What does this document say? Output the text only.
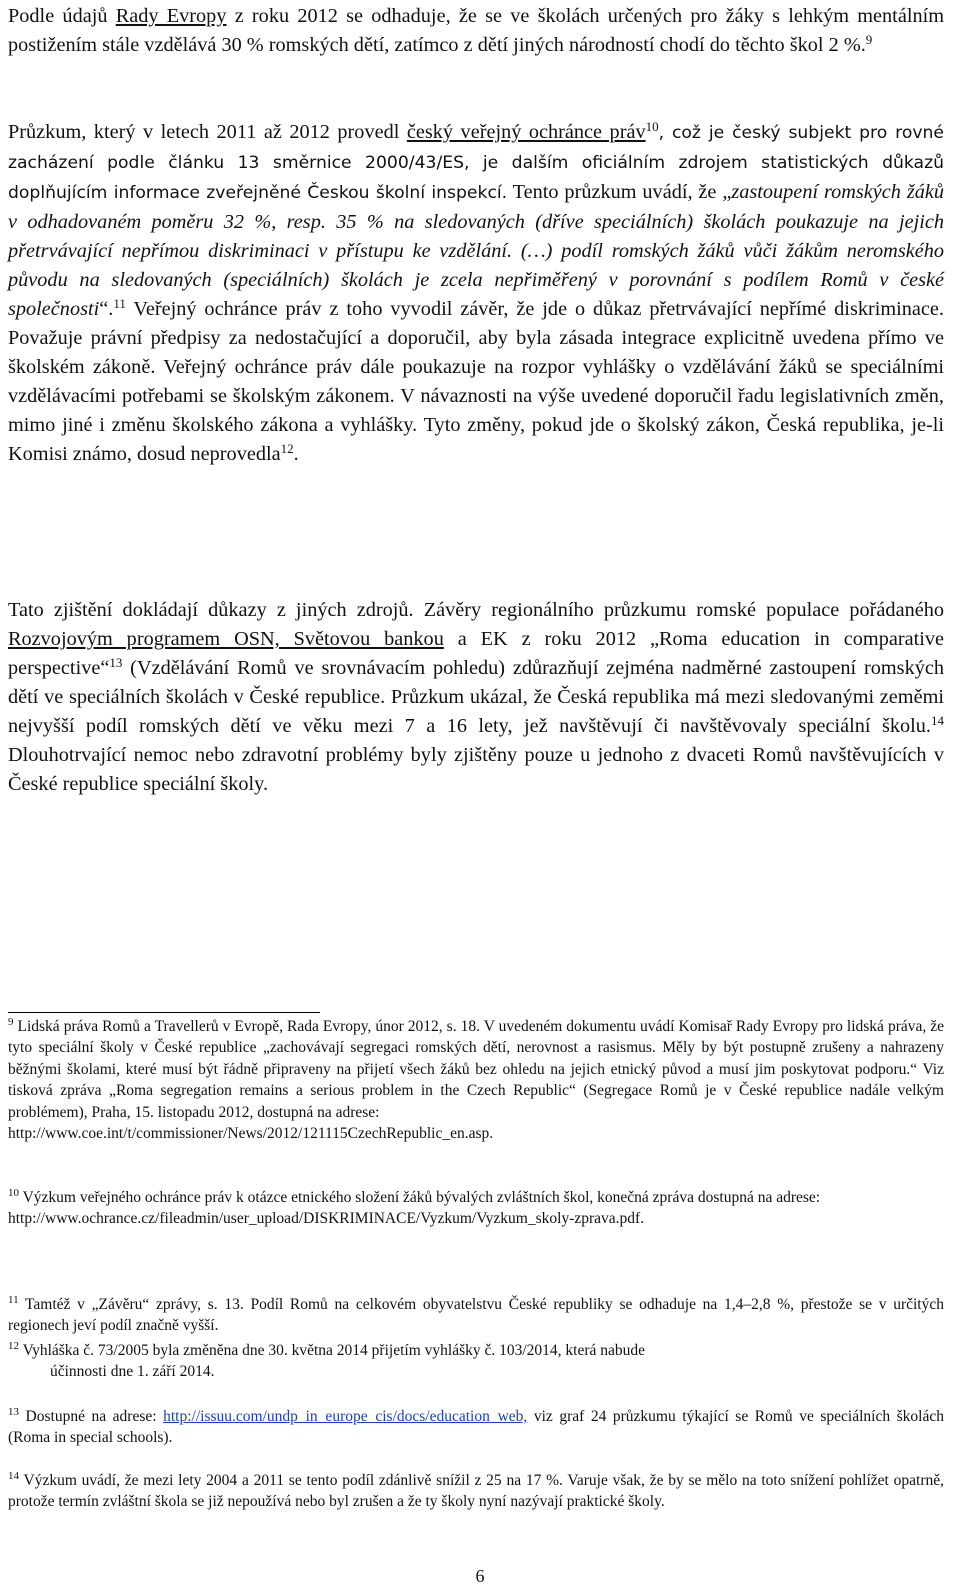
Podle údajů Rady Evropy z roku 2012 se odhaduje, že se ve školách určených pro žáky s lehkým mentálním postižením stále vzdělává 30 % romských dětí, zatímco z dětí jiných národností chodí do těchto škol 2 %.$^9$

Průzkum, který v letech 2011 až 2012 provedl český veřejný ochránce práv$^{10}$, což je český subjekt pro rovné zacházení podle článku 13 směrnice 2000/43/ES, je dalším oficiálním zdrojem statistických důkazů doplňujícím informace zveřejněné Českou školní inspekcí. Tento průzkum uvádí, že „zastoupení romských žáků v odhadovaném poměru 32 %, resp. 35 % na sledovaných (dříve speciálních) školách poukazuje na jejich přetrvávající nepřímou diskriminaci v přístupu ke vzdělání. (…) podíl romských žáků vůči žákům neromského původu na sledovaných (speciálních) školách je zcela nepřiměřený v porovnání s podílem Romů v české společnosti“.$^{11}$ Veřejný ochránce práv z toho vyvodil závěr, že jde o důkaz přetrvávající nepřímé diskriminace. Považuje právní předpisy za nedostačující a doporučil, aby byla zásada integrace explicitně uvedena přímo ve školském zákoně. Veřejný ochránce práv dále poukazuje na rozpor vyhlášky o vzdělávání žáků se speciálními vzdělávacími potřebami se školským zákonem. V návaznosti na výše uvedené doporučil řadu legislativních změn, mimo jiné i změnu školského zákona a vyhlášky. Tyto změny, pokud jde o školský zákon, Česká republika, je-li Komisi známo, dosud neprovedla$^{12}$.

Tato zjištění dokládají důkazy z jiných zdrojů. Závěry regionálního průzkumu romské populace pořádaného Rozvojovým programem OSN, Světovou bankou a EK z roku 2012 „Roma education in comparative perspective“$^{13}$ (Vzdělávání Romů ve srovnávacím pohledu) zdůrazňují zejména nadměrné zastoupení romských dětí ve speciálních školách v České republice. Průzkum ukázal, že Česká republika má mezi sledovanými zeměmi nejvyšší podíl romských dětí ve věku mezi 7 a 16 lety, jež navštěvují či navštěvovaly speciální školu.$^{14}$ Dlouhotrvající nemoc nebo zdravotní problémy byly zjištěny pouze u jednoho z dvaceti Romů navštěvujících v České republice speciální školy.

$^9$ Lidská práva Romů a Travellerů v Evropě, Rada Evropy, únor 2012, s. 18. V uvedeném dokumentu uvádí Komisař Rady Evropy pro lidská práva, že tyto speciální školy v České republice „zachovávají segregaci romských dětí, nerovnost a rasismus. Měly by být postupně zrušeny a nahrazeny běžnými školami, které musí být řádně připraveny na přijetí všech žáků bez ohledu na jejich etnický původ a musí jim poskytovat podporu.“ Viz tisková zpráva „Roma segregation remains a serious problem in the Czech Republic“ (Segregace Romů je v České republice nadále velkým problémem), Praha, 15. listopadu 2012, dostupná na adrese:
http://www.coe.int/t/commissioner/News/2012/121115CzechRepublic_en.asp.

$^{10}$ Výzkum veřejného ochránce práv k otázce etnického složení žáků bývalých zvláštních škol, konečná zpráva dostupná na adrese:
http://www.ochrance.cz/fileadmin/user_upload/DISKRIMINACE/Vyzkum/Vyzkum_skoly-zprava.pdf.

$^{11}$ Tamtéž v „Závěru“ zprávy, s. 13. Podíl Romů na celkovém obyvatelstvu České republiky se odhaduje na 1,4–2,8 %, přestože se v určitých regionech jeví podíl značně vyšší.

$^{12}$ Vyhláška č. 73/2005 byla změněna dne 30. května 2014 přijetím vyhlášky č. 103/2014, která nabude
účinnosti dne 1. září 2014.

$^{13}$ Dostupné na adrese: http://issuu.com/undp_in_europe_cis/docs/education_web, viz graf 24 průzkumu týkající se Romů ve speciálních školách (Roma in special schools).

$^{14}$ Výzkum uvádí, že mezi lety 2004 a 2011 se tento podíl zdánlivě snížil z 25 na 17 %. Varuje však, že by se mělo na toto snížení pohlížet opatrně, protože termín zvláštní škola se již nepoužívá nebo byl zrušen a že ty školy nyní nazývají praktické školy.

6
